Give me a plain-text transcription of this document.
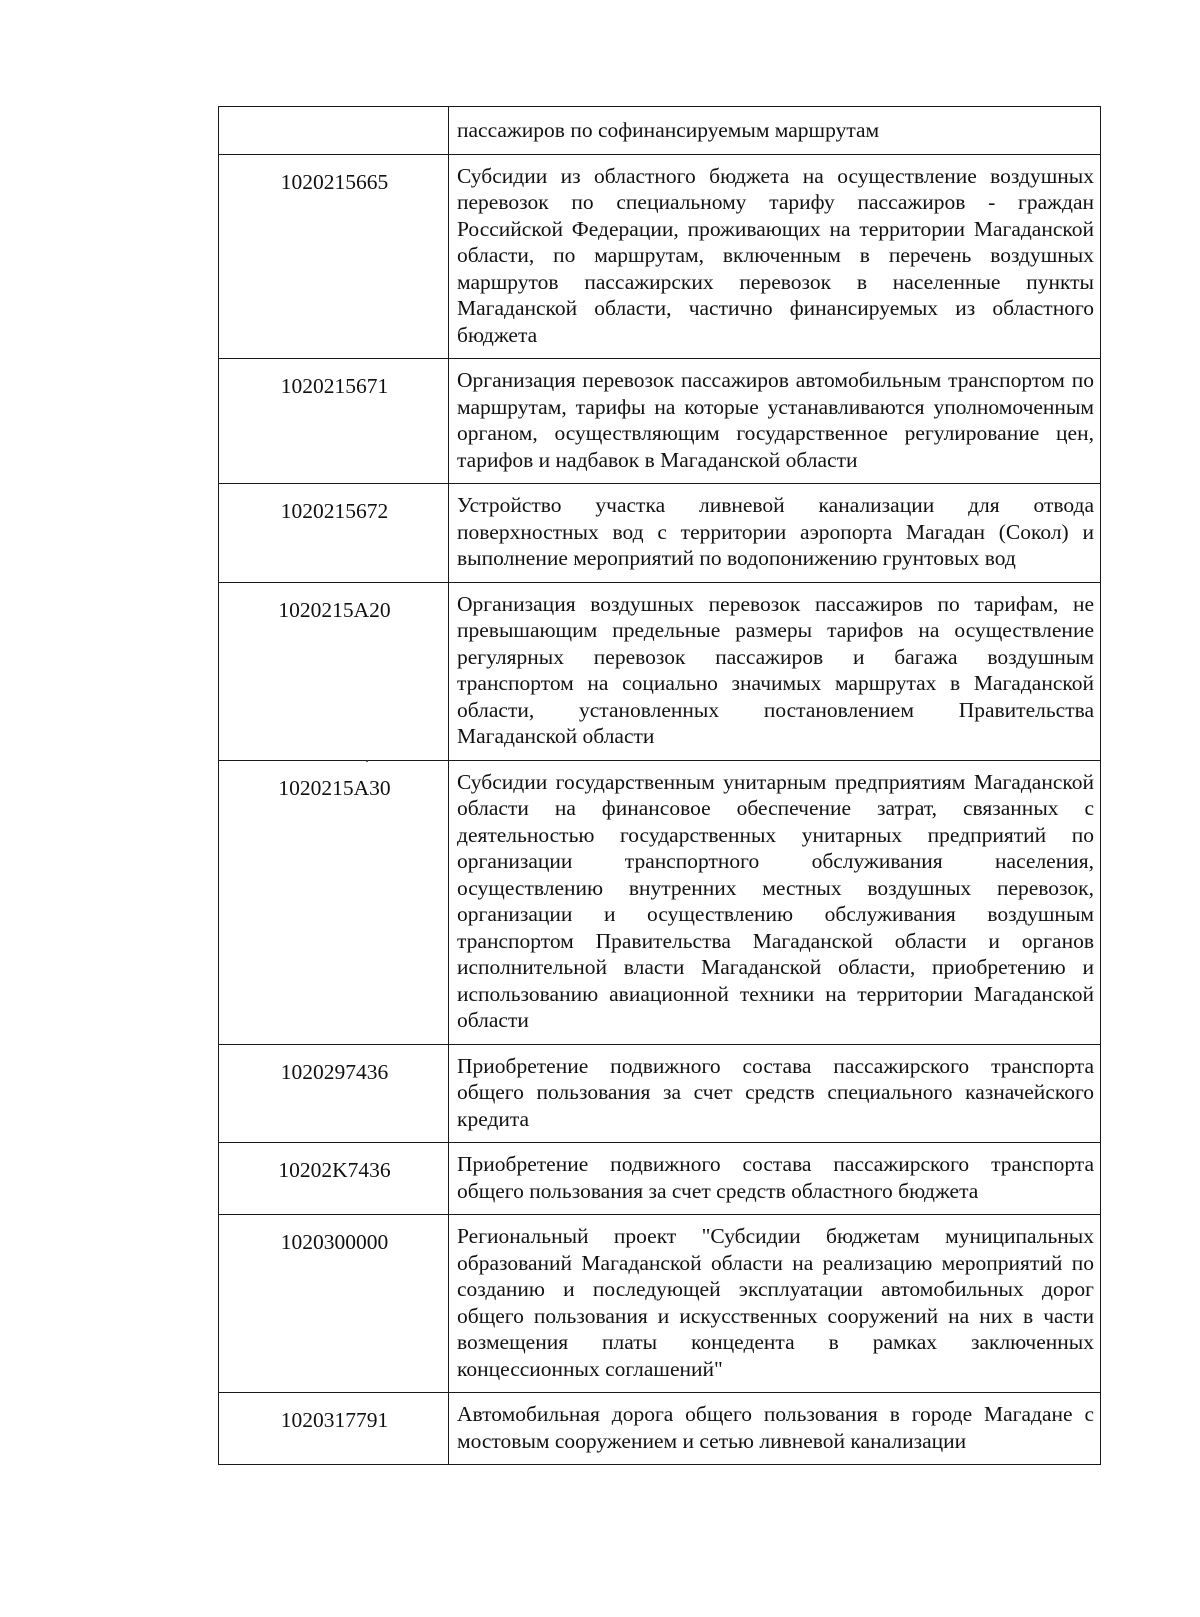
	пассажиров по софинансируемым маршрутам
1020215665	Субсидии из областного бюджета на осуществление воздушных перевозок по специальному тарифу пассажиров - граждан Российской Федерации, проживающих на территории Магаданской области, по маршрутам, включенным в перечень воздушных маршрутов пассажирских перевозок в населенные пункты Магаданской области, частично финансируемых из областного бюджета
1020215671	Организация перевозок пассажиров автомобильным транспортом по маршрутам, тарифы на которые устанавливаются уполномоченным органом, осуществляющим государственное регулирование цен, тарифов и надбавок в Магаданской области
1020215672	Устройство участка ливневой канализации для отвода поверхностных вод с территории аэропорта Магадан (Сокол) и выполнение мероприятий по водопонижению грунтовых вод
1020215A20	Организация воздушных перевозок пассажиров по тарифам, не превышающим предельные размеры тарифов на осуществление регулярных перевозок пассажиров и багажа воздушным транспортом на социально значимых маршрутах в Магаданской области, установленных постановлением Правительства Магаданской области
1020215A30	Субсидии государственным унитарным предприятиям Магаданской области на финансовое обеспечение затрат, связанных с деятельностью государственных унитарных предприятий по организации транспортного обслуживания населения, осуществлению внутренних местных воздушных перевозок, организации и осуществлению обслуживания воздушным транспортом Правительства Магаданской области и органов исполнительной власти Магаданской области, приобретению и использованию авиационной техники на территории Магаданской области
1020297436	Приобретение подвижного состава пассажирского транспорта общего пользования за счет средств специального казначейского кредита
10202K7436	Приобретение подвижного состава пассажирского транспорта общего пользования за счет средств областного бюджета
1020300000	Региональный проект "Субсидии бюджетам муниципальных образований Магаданской области на реализацию мероприятий по созданию и последующей эксплуатации автомобильных дорог общего пользования и искусственных сооружений на них в части возмещения платы концедента в рамках заключенных концессионных соглашений"
1020317791	Автомобильная дорога общего пользования в городе Магадане с мостовым сооружением и сетью ливневой канализации
